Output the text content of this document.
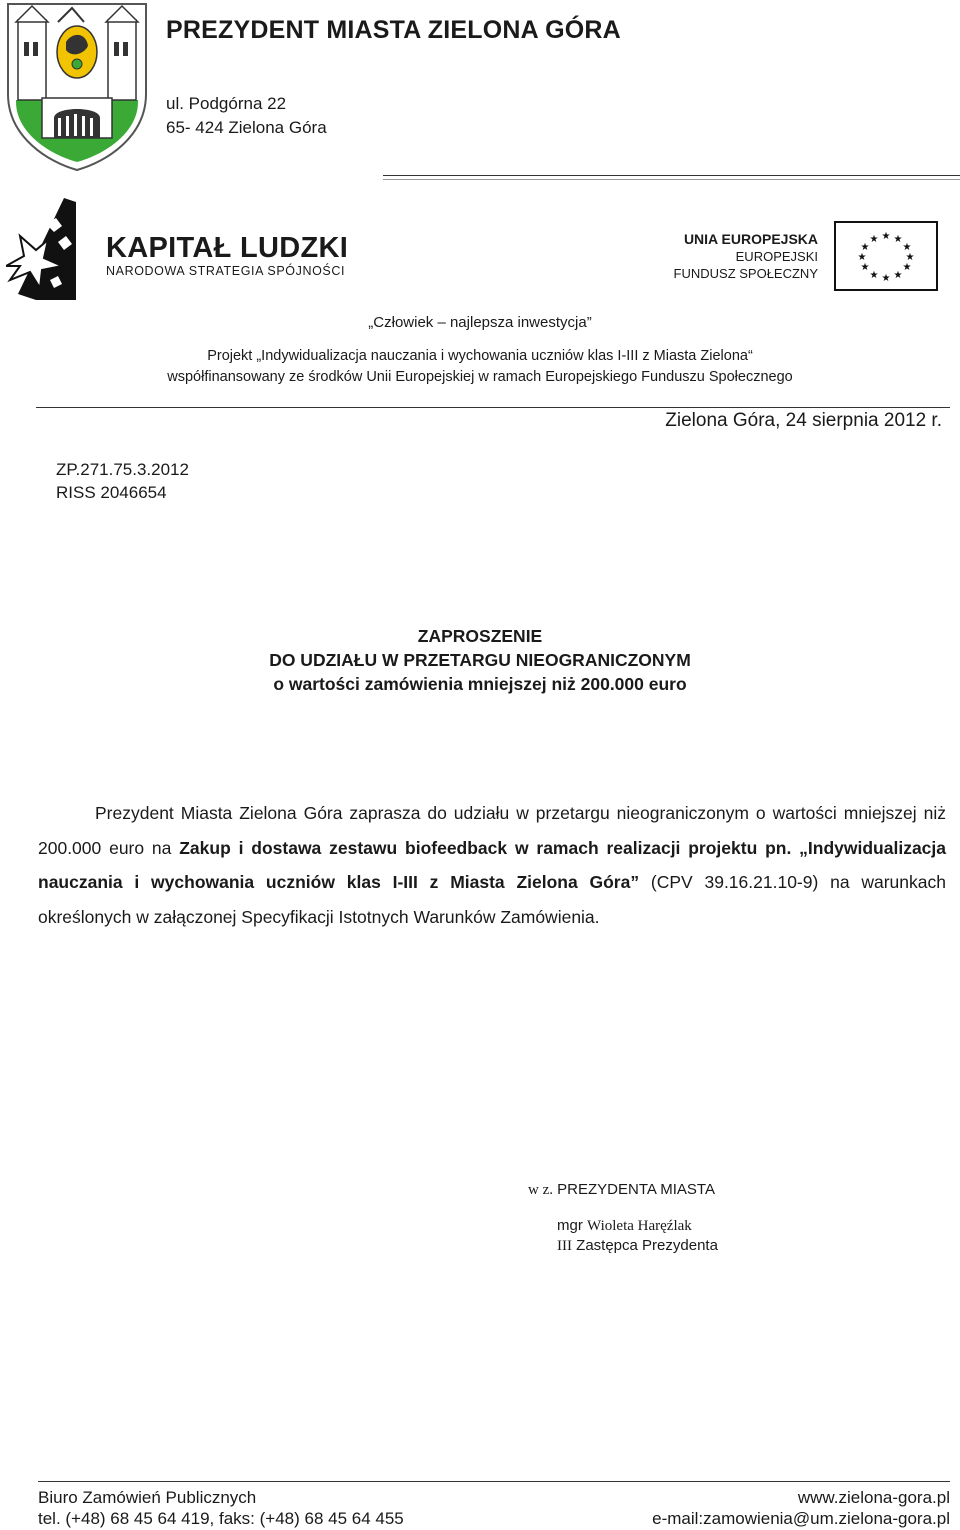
PREZYDENT MIASTA ZIELONA GÓRA
ul. Podgórna 22
65- 424 Zielona Góra
KAPITAŁ LUDZKI
NARODOWA STRATEGIA SPÓJNOŚCI
UNIA EUROPEJSKA
EUROPEJSKI
FUNDUSZ SPOŁECZNY
★ ★
★
★
★
★
★
★
★
★
★
★
„Człowiek – najlepsza inwestycja”
Projekt „Indywidualizacja nauczania i wychowania uczniów klas I-III z Miasta Zielona“
współfinansowany ze środków Unii Europejskiej w ramach Europejskiego Funduszu Społecznego
Zielona Góra, 24 sierpnia 2012 r.
ZP.271.75.3.2012
RISS 2046654
ZAPROSZENIE
DO UDZIAŁU W PRZETARGU NIEOGRANICZONYM
o wartości zamówienia mniejszej niż 200.000 euro

Prezydent Miasta Zielona Góra zaprasza do udziału w przetargu nieograniczonym o wartości mniejszej niż 200.000 euro na Zakup i dostawa zestawu biofeedback w ramach realizacji projektu pn. „Indywidualizacja nauczania i wychowania uczniów klas I-III z Miasta Zielona Góra” (CPV 39.16.21.10-9) na warunkach określonych w załączonej Specyfikacji Istotnych Warunków Zamówienia.

w z. PREZYDENTA MIASTA
mgr Wioleta Haręźlak
III Zastępca Prezydenta
Biuro Zamówień Publicznych
tel. (+48) 68 45 64 419, faks: (+48) 68 45 64 455
www.zielona-gora.pl
e-mail:zamowienia@um.zielona-gora.pl
